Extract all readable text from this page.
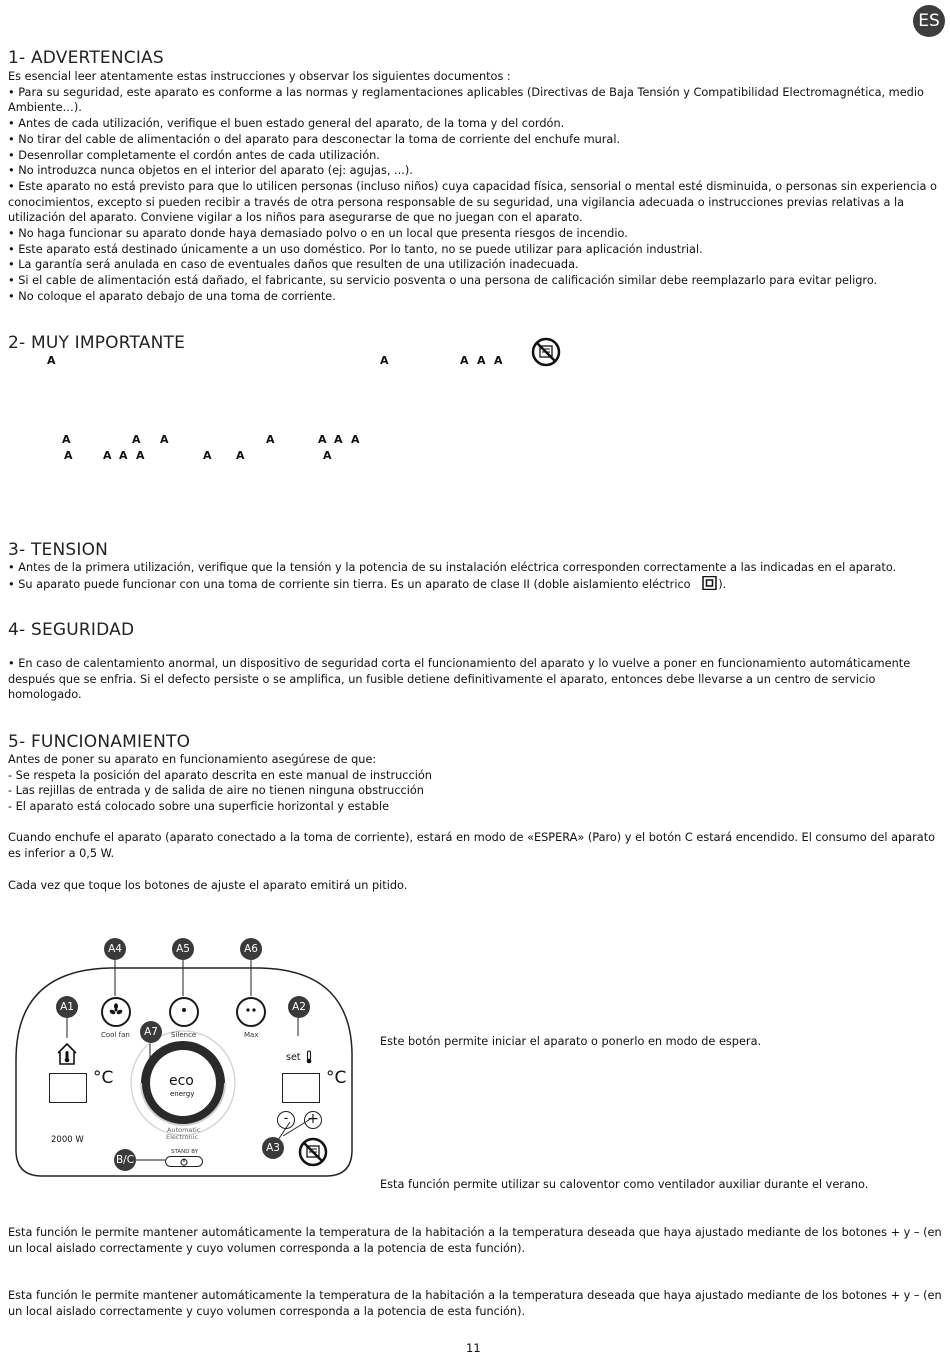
ES
1- ADVERTENCIAS
Es esencial leer atentamente estas instrucciones y observar los siguientes documentos :
• Para su seguridad, este aparato es conforme a las normas y reglamentaciones aplicables (Directivas de Baja Tensión y Compatibilidad Electromagnética, medio Ambiente…).
• Antes de cada utilización, verifique el buen estado general del aparato, de la toma y del cordón.
• No tirar del cable de alimentación o del aparato para desconectar la toma de corriente del enchufe mural.
• Desenrollar completamente el cordón antes de cada utilización.
• No introduzca nunca objetos en el interior del aparato (ej: agujas, ...).
• Este aparato no está previsto para que lo utilicen personas (incluso niños) cuya capacidad física, sensorial o mental esté disminuida, o personas sin experiencia o conocimientos, excepto si pueden recibir a través de otra persona responsable de su seguridad, una vigilancia adecuada o instrucciones previas relativas a la utilización del aparato. Conviene vigilar a los niños para asegurarse de que no juegan con el aparato.
• No haga funcionar su aparato donde haya demasiado polvo o en un local que presenta riesgos de incendio.
• Este aparato está destinado únicamente a un uso doméstico. Por lo tanto, no se puede utilizar para aplicación industrial.
• La garantía será anulada en caso de eventuales daños que resulten de una utilización inadecuada.
• Si el cable de alimentación está dañado, el fabricante, su servicio posventa o una persona de calificación similar debe reemplazarlo para evitar peligro.
• No coloque el aparato debajo de una toma de corriente.
2- MUY IMPORTANTE
A	A	A A A
A	A A	A	A A A
A	A A A	A A	A
3- TENSION
• Antes de la primera utilización, verifique que la tensión y la potencia de su instalación eléctrica corresponden correctamente a las indicadas en el aparato.
• Su aparato puede funcionar con una toma de corriente sin tierra. Es un aparato de clase II (doble aislamiento eléctrico ).
4- SEGURIDAD
• En caso de calentamiento anormal, un dispositivo de seguridad corta el funcionamiento del aparato y lo vuelve a poner en funcionamiento automáticamente después que se enfria. Si el defecto persiste o se amplifica, un fusible detiene definitivamente el aparato, entonces debe llevarse a un centro de servicio homologado.
5- FUNCIONAMIENTO
Antes de poner su aparato en funcionamiento asegúrese de que:
- Se respeta la posición del aparato descrita en este manual de instrucción
- Las rejillas de entrada y de salida de aire no tienen ninguna obstrucción
- El aparato está colocado sobre una superficie horizontal y estable
Cuando enchufe el aparato (aparato conectado a la toma de corriente), estará en modo de «ESPERA» (Paro) y el botón C estará encendido. El consumo del aparato es inferior a 0,5 W.
Cada vez que toque los botones de ajuste el aparato emitirá un pitido.
A4	A5	A6
A1	A2
A7
A3
B/C
Cool fan	Silence	Max
°C
set
°C
eco
energy
Automatic
Electronic
2000 W
STAND BY
-	+
Este botón permite iniciar el aparato o ponerlo en modo de espera.
Esta función permite utilizar su caloventor como ventilador auxiliar durante el verano.
Esta función le permite mantener automáticamente la temperatura de la habitación a la temperatura deseada que haya ajustado mediante de los botones + y – (en un local aislado correctamente y cuyo volumen corresponda a la potencia de esta función).
Esta función le permite mantener automáticamente la temperatura de la habitación a la temperatura deseada que haya ajustado mediante de los botones + y – (en un local aislado correctamente y cuyo volumen corresponda a la potencia de esta función).
11
